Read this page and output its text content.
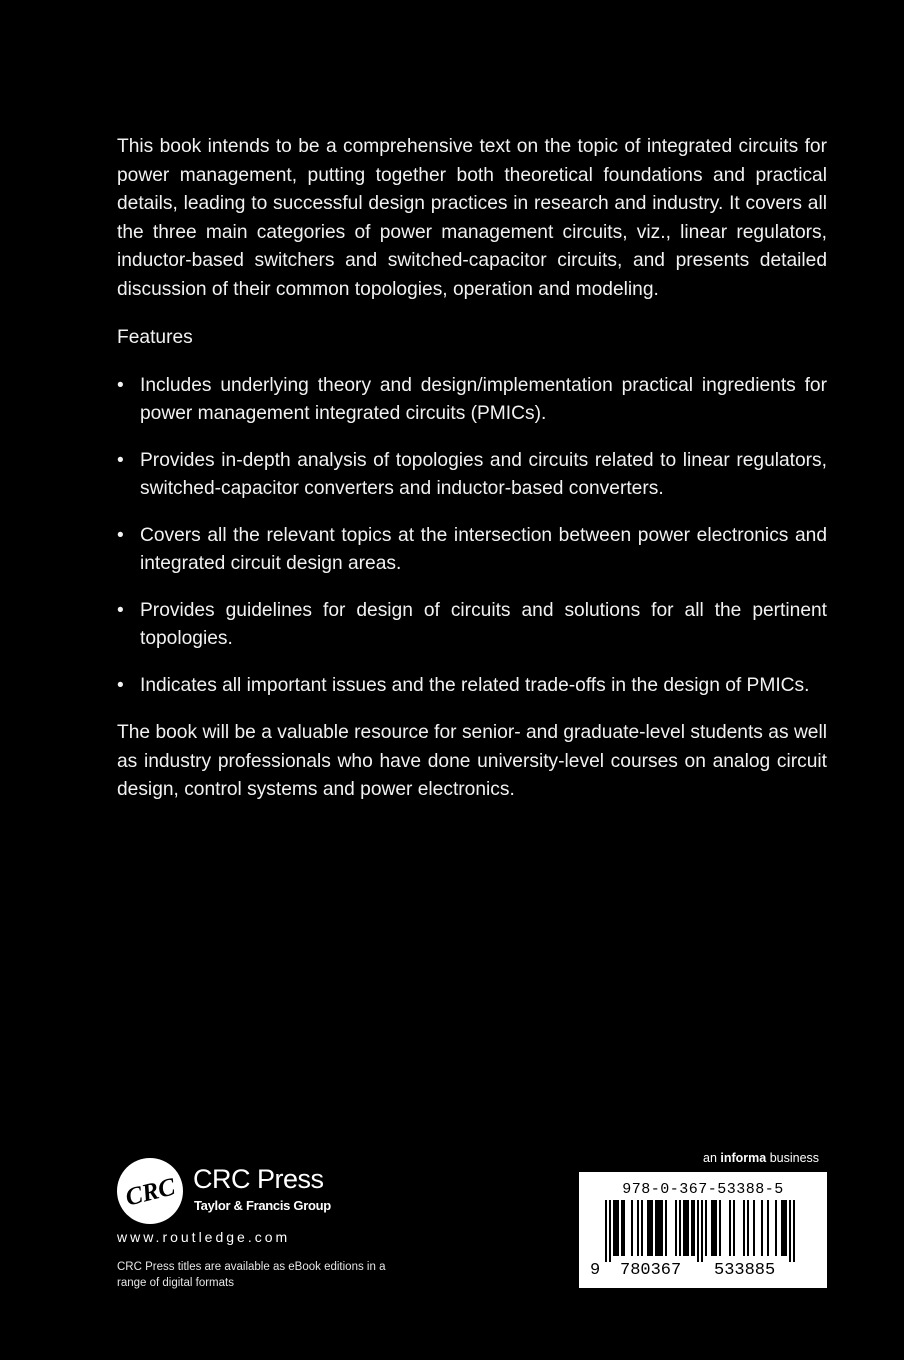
This book intends to be a comprehensive text on the topic of integrated circuits for power management, putting together both theoretical foundations and practical details, leading to successful design practices in research and industry. It covers all the three main categories of power management circuits, viz., linear regulators, inductor-based switchers and switched-capacitor circuits, and presents detailed discussion of their common topologies, operation and modeling.

Features

• Includes underlying theory and design/implementation practical ingredients for power management integrated circuits (PMICs).
• Provides in-depth analysis of topologies and circuits related to linear regulators, switched-capacitor converters and inductor-based converters.
• Covers all the relevant topics at the intersection between power electronics and integrated circuit design areas.
• Provides guidelines for design of circuits and solutions for all the pertinent topologies.
• Indicates all important issues and the related trade-offs in the design of PMICs.

The book will be a valuable resource for senior- and graduate-level students as well as industry professionals who have done university-level courses on analog circuit design, control systems and power electronics.

CRC CRC Press
Taylor & Francis Group
www.routledge.com
CRC Press titles are available as eBook editions in a range of digital formats
an informa business
978-0-367-53388-5
9 780367 533885
